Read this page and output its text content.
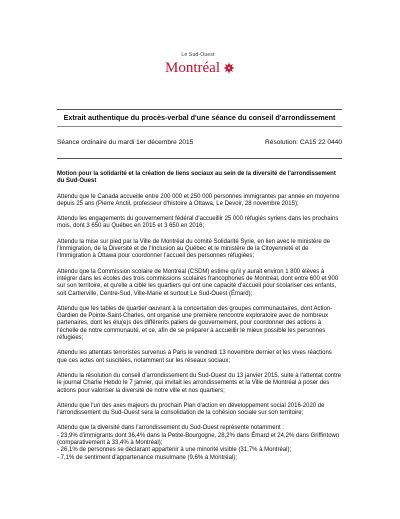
Le Sud-Ouest
Montréal
Extrait authentique du procès-verbal d'une séance du conseil d'arrondissement
Séance ordinaire du mardi 1er décembre 2015	Résolution: CA15 22 0440

Motion pour la solidarité et la création de liens sociaux au sein de la diversité de l'arrondissement du Sud-Ouest

Attendu que le Canada accueille entre 200 000 et 250 000 personnes immigrantes par année en moyenne depuis 25 ans (Pierre Anctil, professeur d'histoire à Ottawa, Le Devoir, 28 novembre 2015);

Attendu les engagements du gouvernement fédéral d'accueillir 25 000 réfugiés syriens dans les prochains mois, dont 3 650 au Québec en 2015 et 3 650 en 2016;

Attendu la mise sur pied par la Ville de Montréal du comité Solidarité Syrie, en lien avec le ministère de l'Immigration, de la Diversité et de l'Inclusion au Québec et le ministère de la Citoyenneté et de l'Immigration à Ottawa pour coordonner l'accueil des personnes réfugiées;

Attendu que la Commission scolaire de Montréal (CSDM) estime qu'il y aurait environ 1 800 élèves à intégrer dans les écoles des trois commissions scolaires francophones de Montréal, dont entre 600 et 900 sur son territoire, et qu'elle a ciblé les quartiers qui ont une capacité d'accueil pour scolariser ces enfants, soit Cartierville, Centre-Sud, Ville-Marie et surtout Le Sud-Ouest (Émard);

Attendu que les tables de quartier œuvrant à la concertation des groupes communautaires, dont Action-Gardien de Pointe-Saint-Charles, ont organisé une première rencontre exploratoire avec de nombreux partenaires, dont les élu(e)s des différents paliers de gouvernement, pour coordonner des actions à l'échelle de notre communauté, et ce, afin de se préparer à accueillir le mieux possible les personnes réfugiées;

Attendu les attentats terroristes survenus à Paris le vendredi 13 novembre dernier et les vives réactions que ces actes ont suscitées, notamment sur les réseaux sociaux;

Attendu la résolution du conseil d'arrondissement du Sud-Ouest du 13 janvier 2015, suite à l'attentat contre le journal Charlie Hebdo le 7 janvier, qui invitait les arrondissements et la Ville de Montréal à poser des actions pour valoriser la diversité de notre ville et nos quartiers;

Attendu que l'un des axes majeurs du prochain Plan d'action en développement social 2016-2020 de l'arrondissement du Sud-Ouest sera la consolidation de la cohésion sociale sur son territoire;

Attendu que la diversité dans l'arrondissement du Sud-Ouest représente notamment :
- 23,9% d'immigrants dont 36,4% dans la Petite-Bourgogne, 28,2% dans Émard et 24,2% dans Griffintown (comparativement à 33,4% à Montréal);
- 26,1% de personnes se déclarant appartenir à une minorité visible (31,7% à Montréal);
- 7,1% de sentiment d'appartenance musulmane (9,6% à Montréal);
